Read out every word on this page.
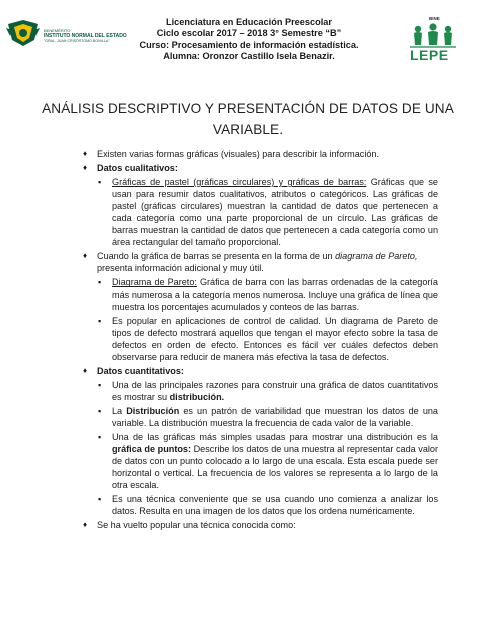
BENEMÉRITO
INSTITUTO NORMAL DEL ESTADO
"GRAL. JUAN CRISÓSTOMO BONILLA"
Licenciatura en Educación Preescolar
Ciclo escolar 2017 – 2018 3° Semestre “B”
Curso: Procesamiento de información estadística.
Alumna: Oronzor Castillo Isela Benazir.
BINE
LEPE
ANÁLISIS DESCRIPTIVO Y PRESENTACIÓN DE DATOS DE UNA VARIABLE.
♦ Existen varias formas gráficas (visuales) para describir la información.
♦ Datos cualitativos:
▪ Gráficas de pastel (gráficas circulares) y gráficas de barras: Gráficas que se usan para resumir datos cualitativos, atributos o categóricos. Las gráficas de pastel (gráficas circulares) muestran la cantidad de datos que pertenecen a cada categoría como una parte proporcional de un círculo. Las gráficas de barras muestran la cantidad de datos que pertenecen a cada categoría como un área rectangular del tamaño proporcional.
♦ Cuando la gráfica de barras se presenta en la forma de un diagrama de Pareto, presenta información adicional y muy útil.
▪ Diagrama de Pareto: Gráfica de barra con las barras ordenadas de la categoría más numerosa a la categoría menos numerosa. Incluye una gráfica de línea que muestra los porcentajes acumulados y conteos de las barras.
▪ Es popular en aplicaciones de control de calidad. Un diagrama de Pareto de tipos de defecto mostrará aquellos que tengan el mayor efecto sobre la tasa de defectos en orden de efecto. Entonces es fácil ver cuáles defectos deben observarse para reducir de manera más efectiva la tasa de defectos.
♦ Datos cuantitativos:
▪ Una de las principales razones para construir una gráfica de datos cuantitativos es mostrar su distribución.
▪ La Distribución es un patrón de variabilidad que muestran los datos de una variable. La distribución muestra la frecuencia de cada valor de la variable.
▪ Una de las gráficas más simples usadas para mostrar una distribución es la gráfica de puntos: Describe los datos de una muestra al representar cada valor de datos con un punto colocado a lo largo de una escala. Esta escala puede ser horizontal o vertical. La frecuencia de los valores se representa a lo largo de la otra escala.
▪ Es una técnica conveniente que se usa cuando uno comienza a analizar los datos. Resulta en una imagen de los datos que los ordena numéricamente.
♦ Se ha vuelto popular una técnica conocida como:
